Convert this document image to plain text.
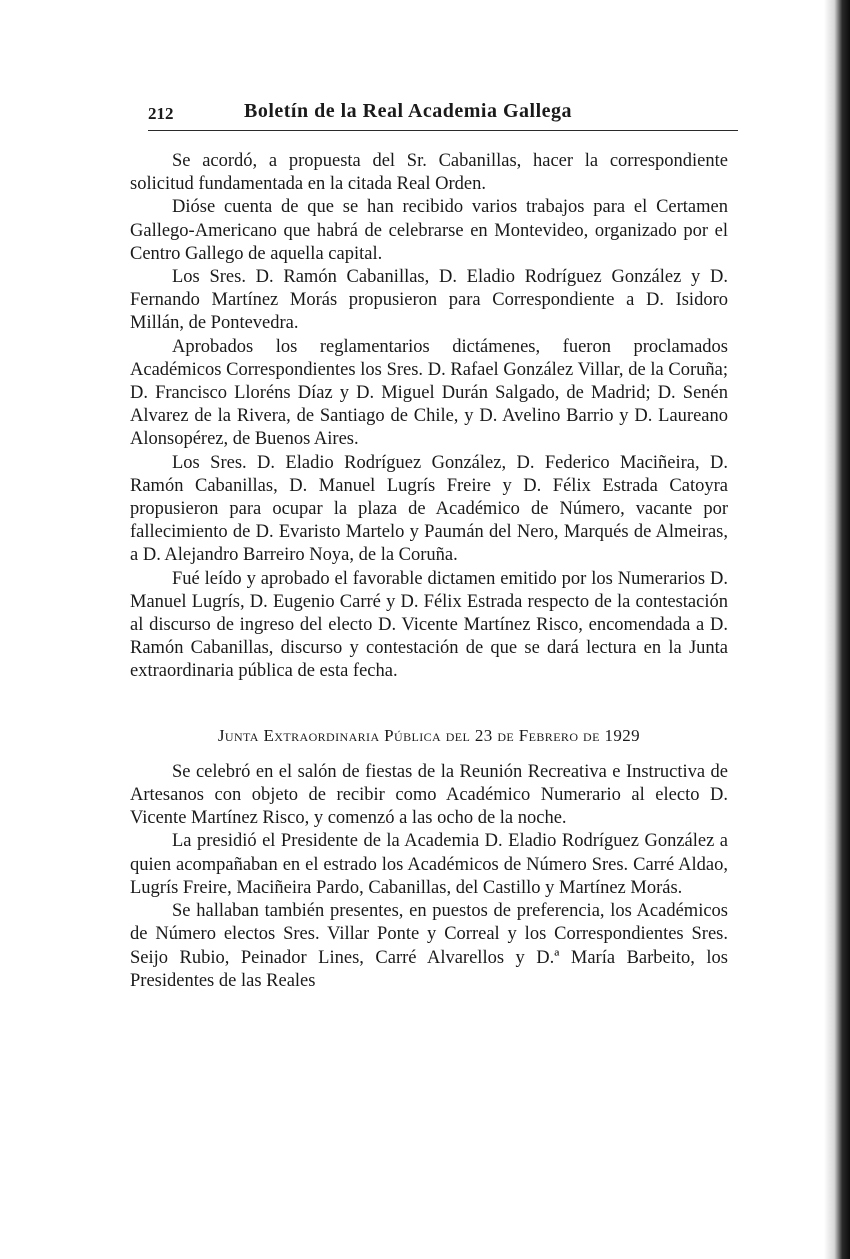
212	Boletín de la Real Academia Gallega

Se acordó, a propuesta del Sr. Cabanillas, hacer la correspondiente solicitud fundamentada en la citada Real Orden.

Dióse cuenta de que se han recibido varios trabajos para el Certamen Gallego-Americano que habrá de celebrarse en Montevideo, organizado por el Centro Gallego de aquella capital.

Los Sres. D. Ramón Cabanillas, D. Eladio Rodríguez González y D. Fernando Martínez Morás propusieron para Correspondiente a D. Isidoro Millán, de Pontevedra.

Aprobados los reglamentarios dictámenes, fueron proclamados Académicos Correspondientes los Sres. D. Rafael González Villar, de la Coruña; D. Francisco Lloréns Díaz y D. Miguel Durán Salgado, de Madrid; D. Senén Alvarez de la Rivera, de Santiago de Chile, y D. Avelino Barrio y D. Laureano Alonsopérez, de Buenos Aires.

Los Sres. D. Eladio Rodríguez González, D. Federico Maciñeira, D. Ramón Cabanillas, D. Manuel Lugrís Freire y D. Félix Estrada Catoyra propusieron para ocupar la plaza de Académico de Número, vacante por fallecimiento de D. Evaristo Martelo y Paumán del Nero, Marqués de Almeiras, a D. Alejandro Barreiro Noya, de la Coruña.

Fué leído y aprobado el favorable dictamen emitido por los Numerarios D. Manuel Lugrís, D. Eugenio Carré y D. Félix Estrada respecto de la contestación al discurso de ingreso del electo D. Vicente Martínez Risco, encomendada a D. Ramón Cabanillas, discurso y contestación de que se dará lectura en la Junta extraordinaria pública de esta fecha.

Junta Extraordinaria Pública del 23 de Febrero de 1929

Se celebró en el salón de fiestas de la Reunión Recreativa e Instructiva de Artesanos con objeto de recibir como Académico Numerario al electo D. Vicente Martínez Risco, y comenzó a las ocho de la noche.

La presidió el Presidente de la Academia D. Eladio Rodríguez González a quien acompañaban en el estrado los Académicos de Número Sres. Carré Aldao, Lugrís Freire, Maciñeira Pardo, Cabanillas, del Castillo y Martínez Morás.

Se hallaban también presentes, en puestos de preferencia, los Académicos de Número electos Sres. Villar Ponte y Correal y los Correspondientes Sres. Seijo Rubio, Peinador Lines, Carré Alvarellos y D.ª María Barbeito, los Presidentes de las Reales
